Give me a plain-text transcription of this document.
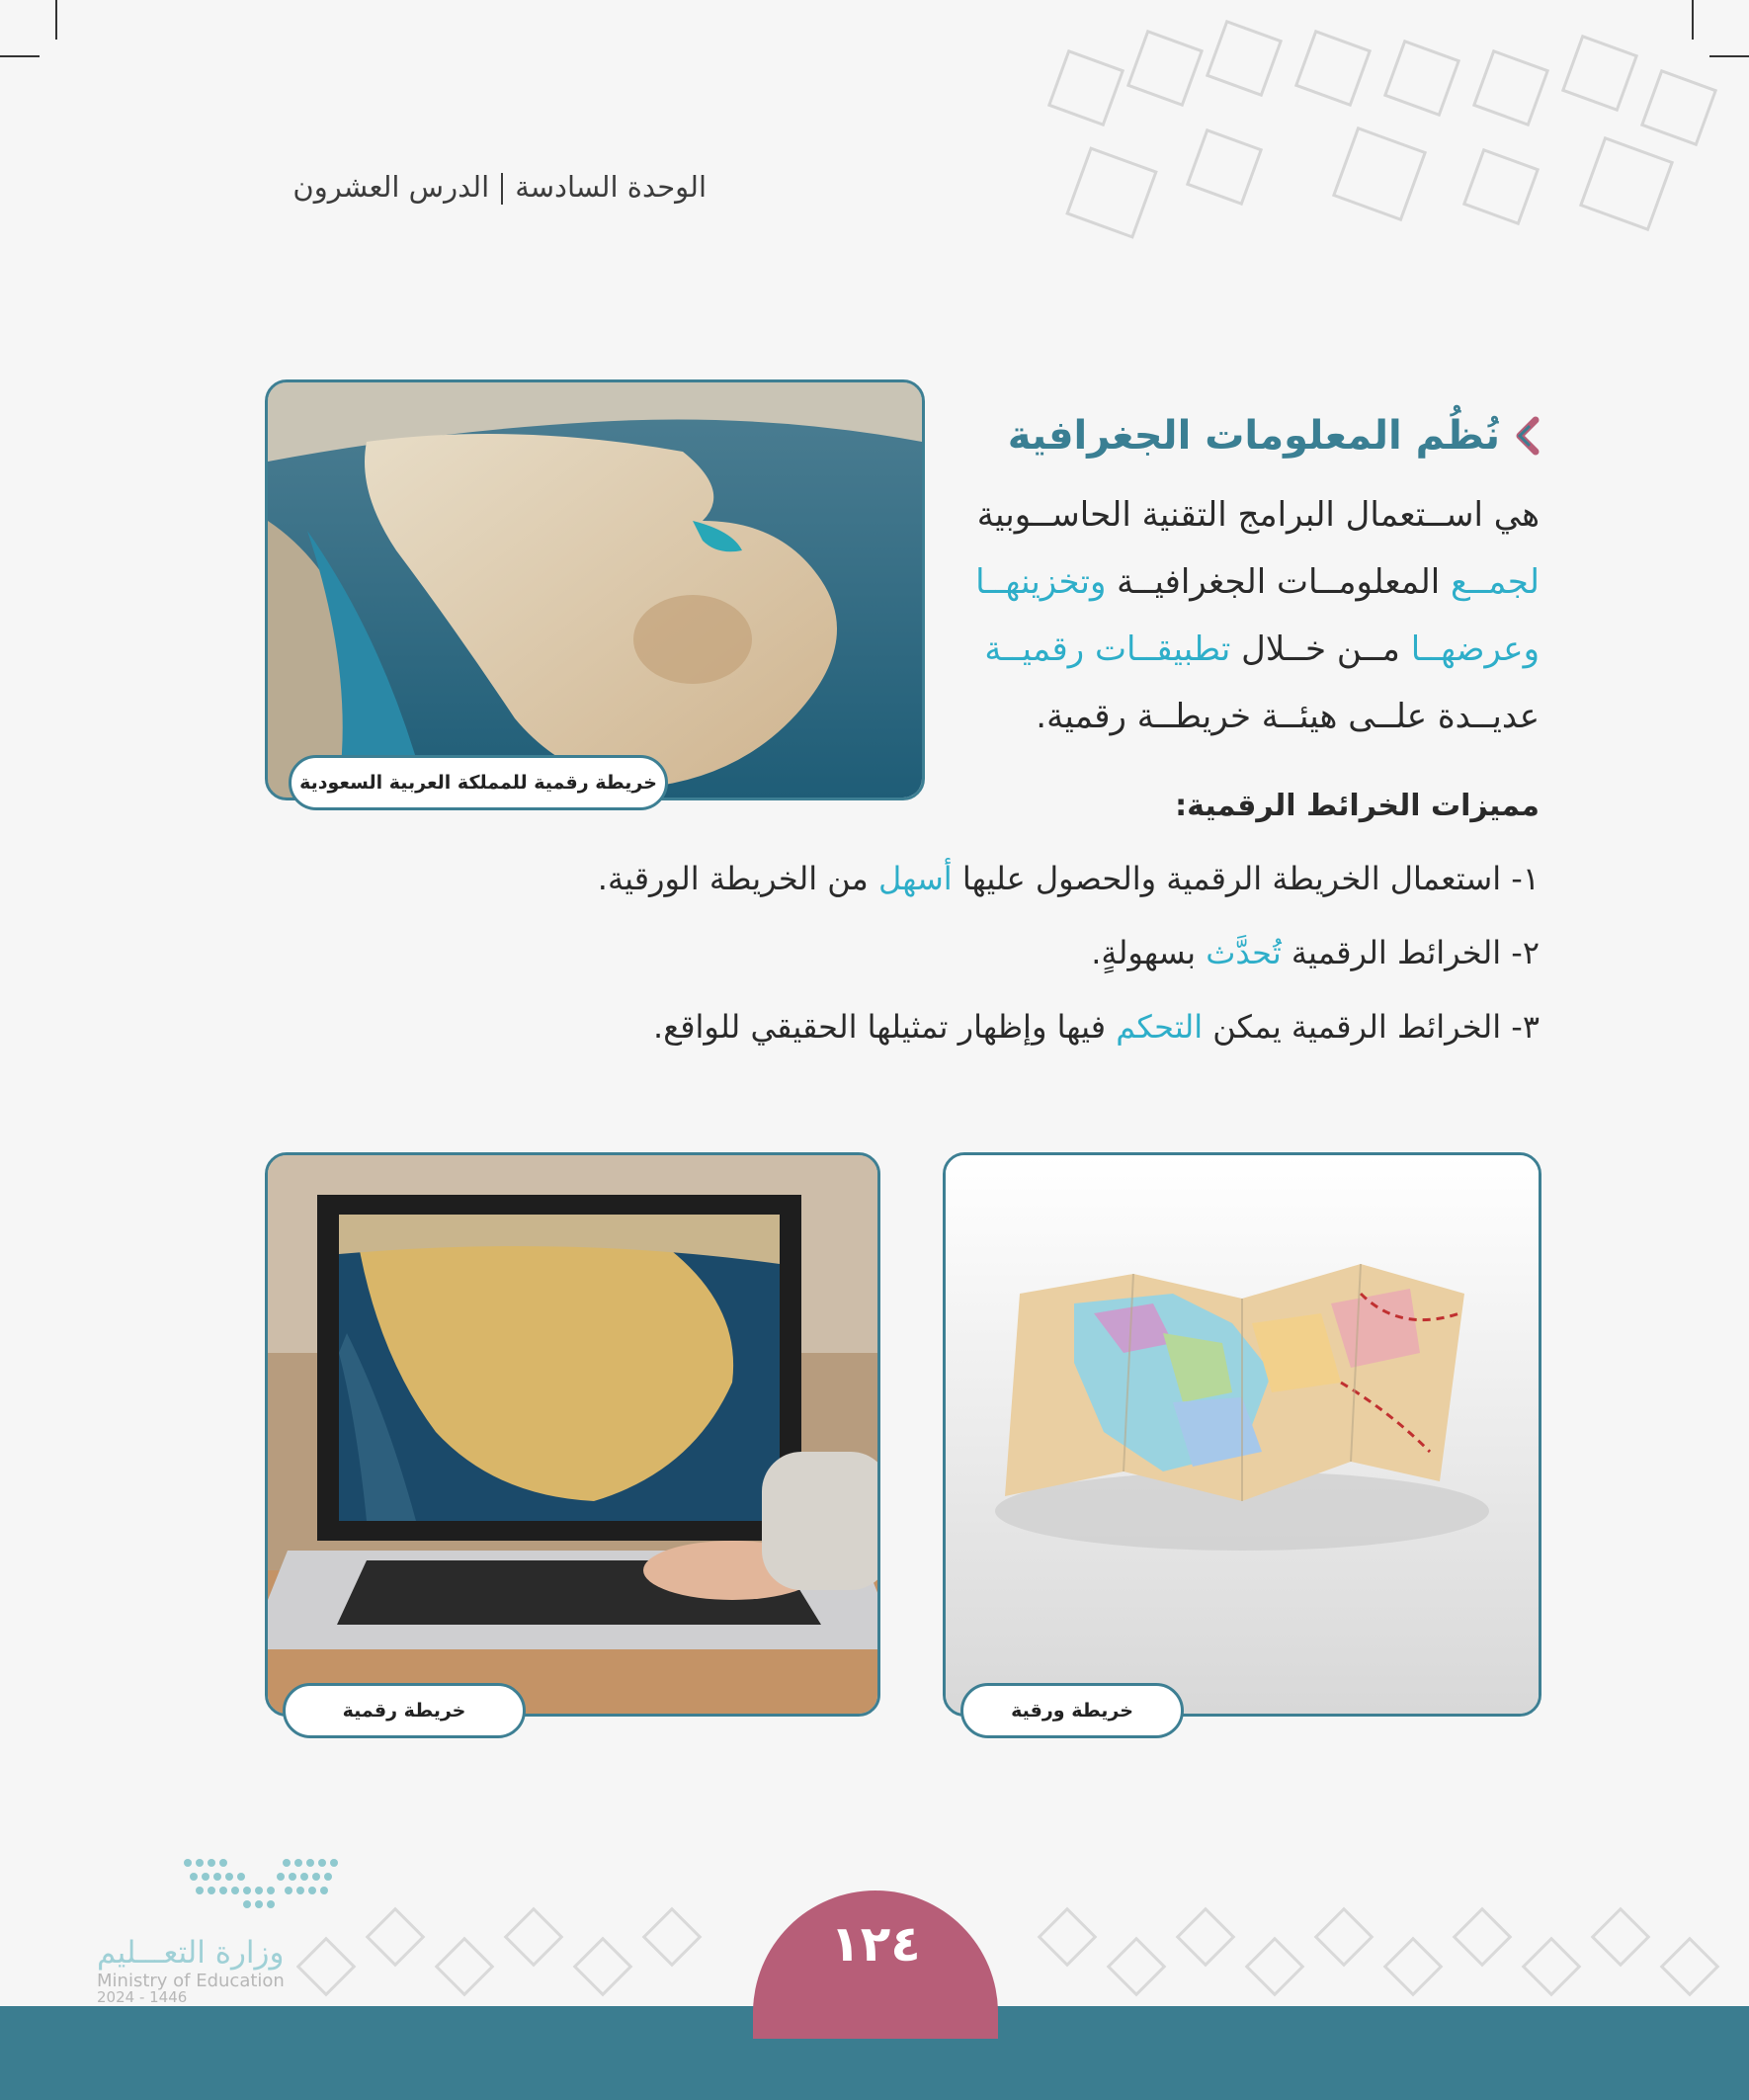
الوحدة السادسةالدرس العشرون
نُظُم المعلومات الجغرافية
هي اســتعمال البرامج التقنية الحاســوبية
لجمــع المعلومــات الجغرافيــة وتخزينهــا
وعرضهــا مــن خــلال تطبيقــات رقميــة
عديــدة علــى هيئــة خريطــة رقمية.
خريطة رقمية للمملكة العربية السعودية
مميزات الخرائط الرقمية:
١- استعمال الخريطة الرقمية والحصول عليها أسهل من الخريطة الورقية.
٢- الخرائط الرقمية تُحدَّث بسهولةٍ.
٣- الخرائط الرقمية يمكن التحكم فيها وإظهار تمثيلها الحقيقي للواقع.
خريطة رقمية	خريطة ورقية
وزارة التعـــليم
Ministry of Education
2024 - 1446
١٢٤
